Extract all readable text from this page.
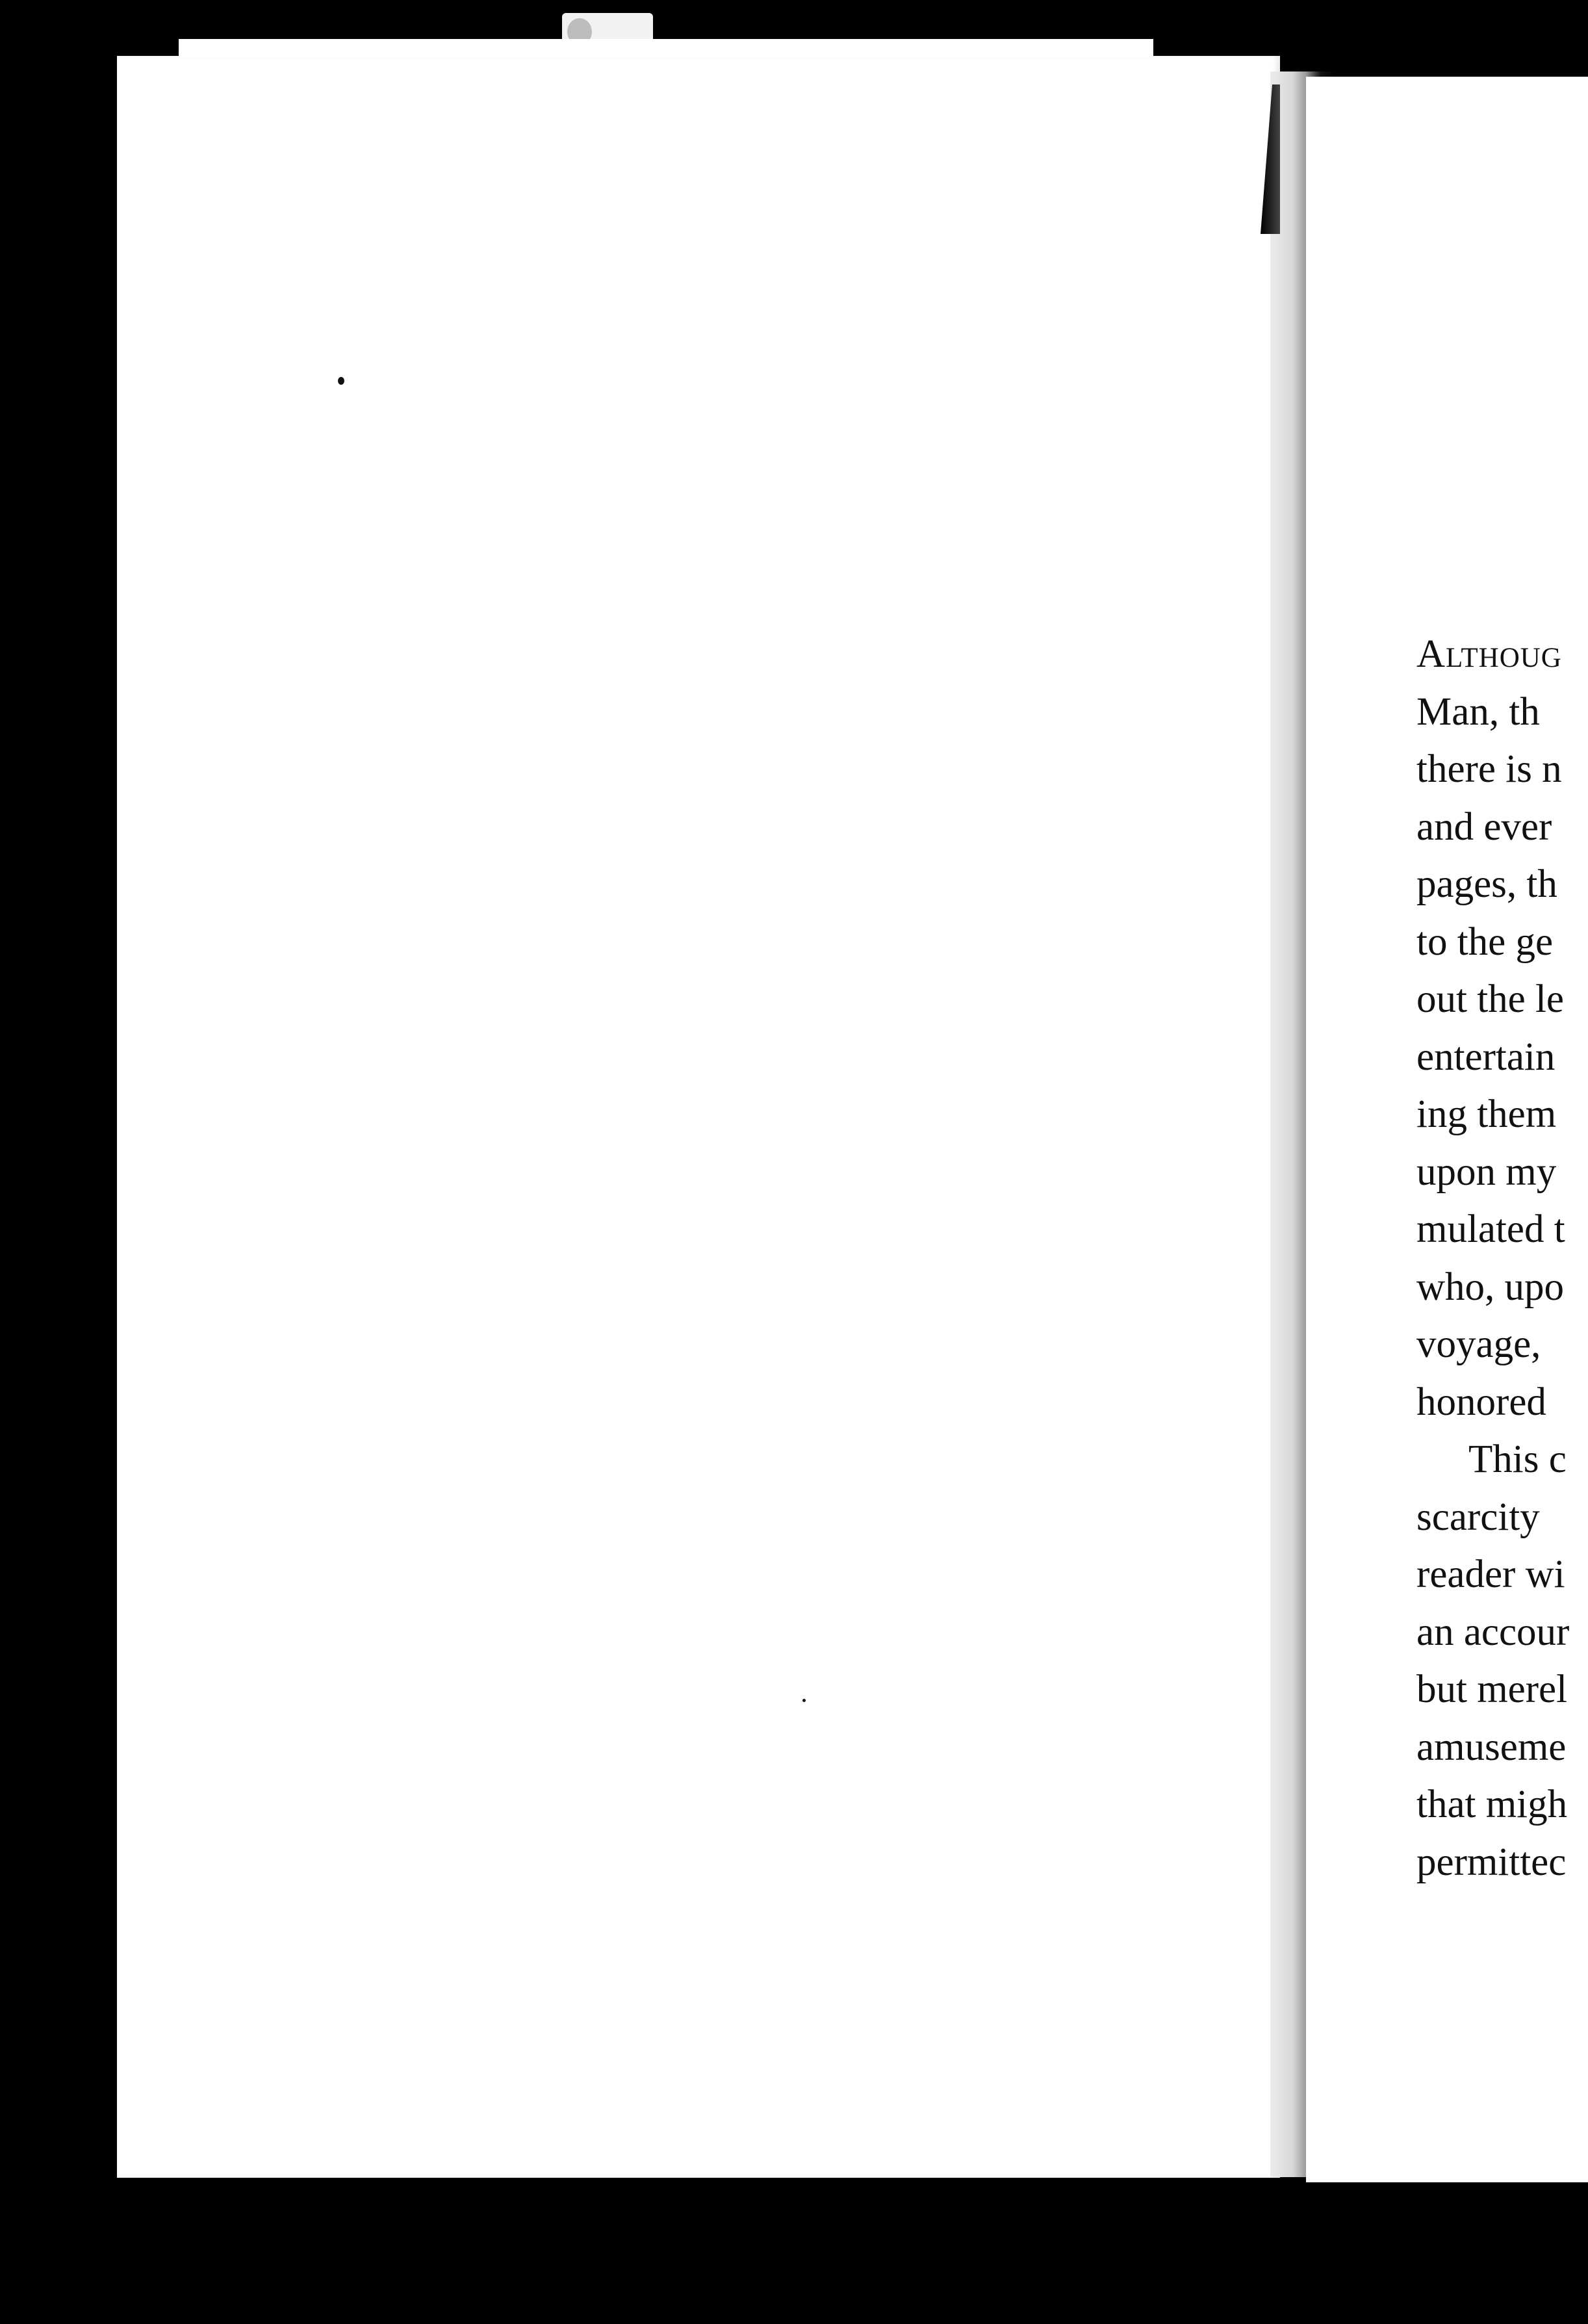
Althoug
Man, th
there is n
and ever
pages, th
to the ge
out the le
entertain
ing them
upon my
mulated t
who, upo
voyage,
honored
This c
scarcity
reader wi
an accour
but merel
amuseme
that migh
permittec
